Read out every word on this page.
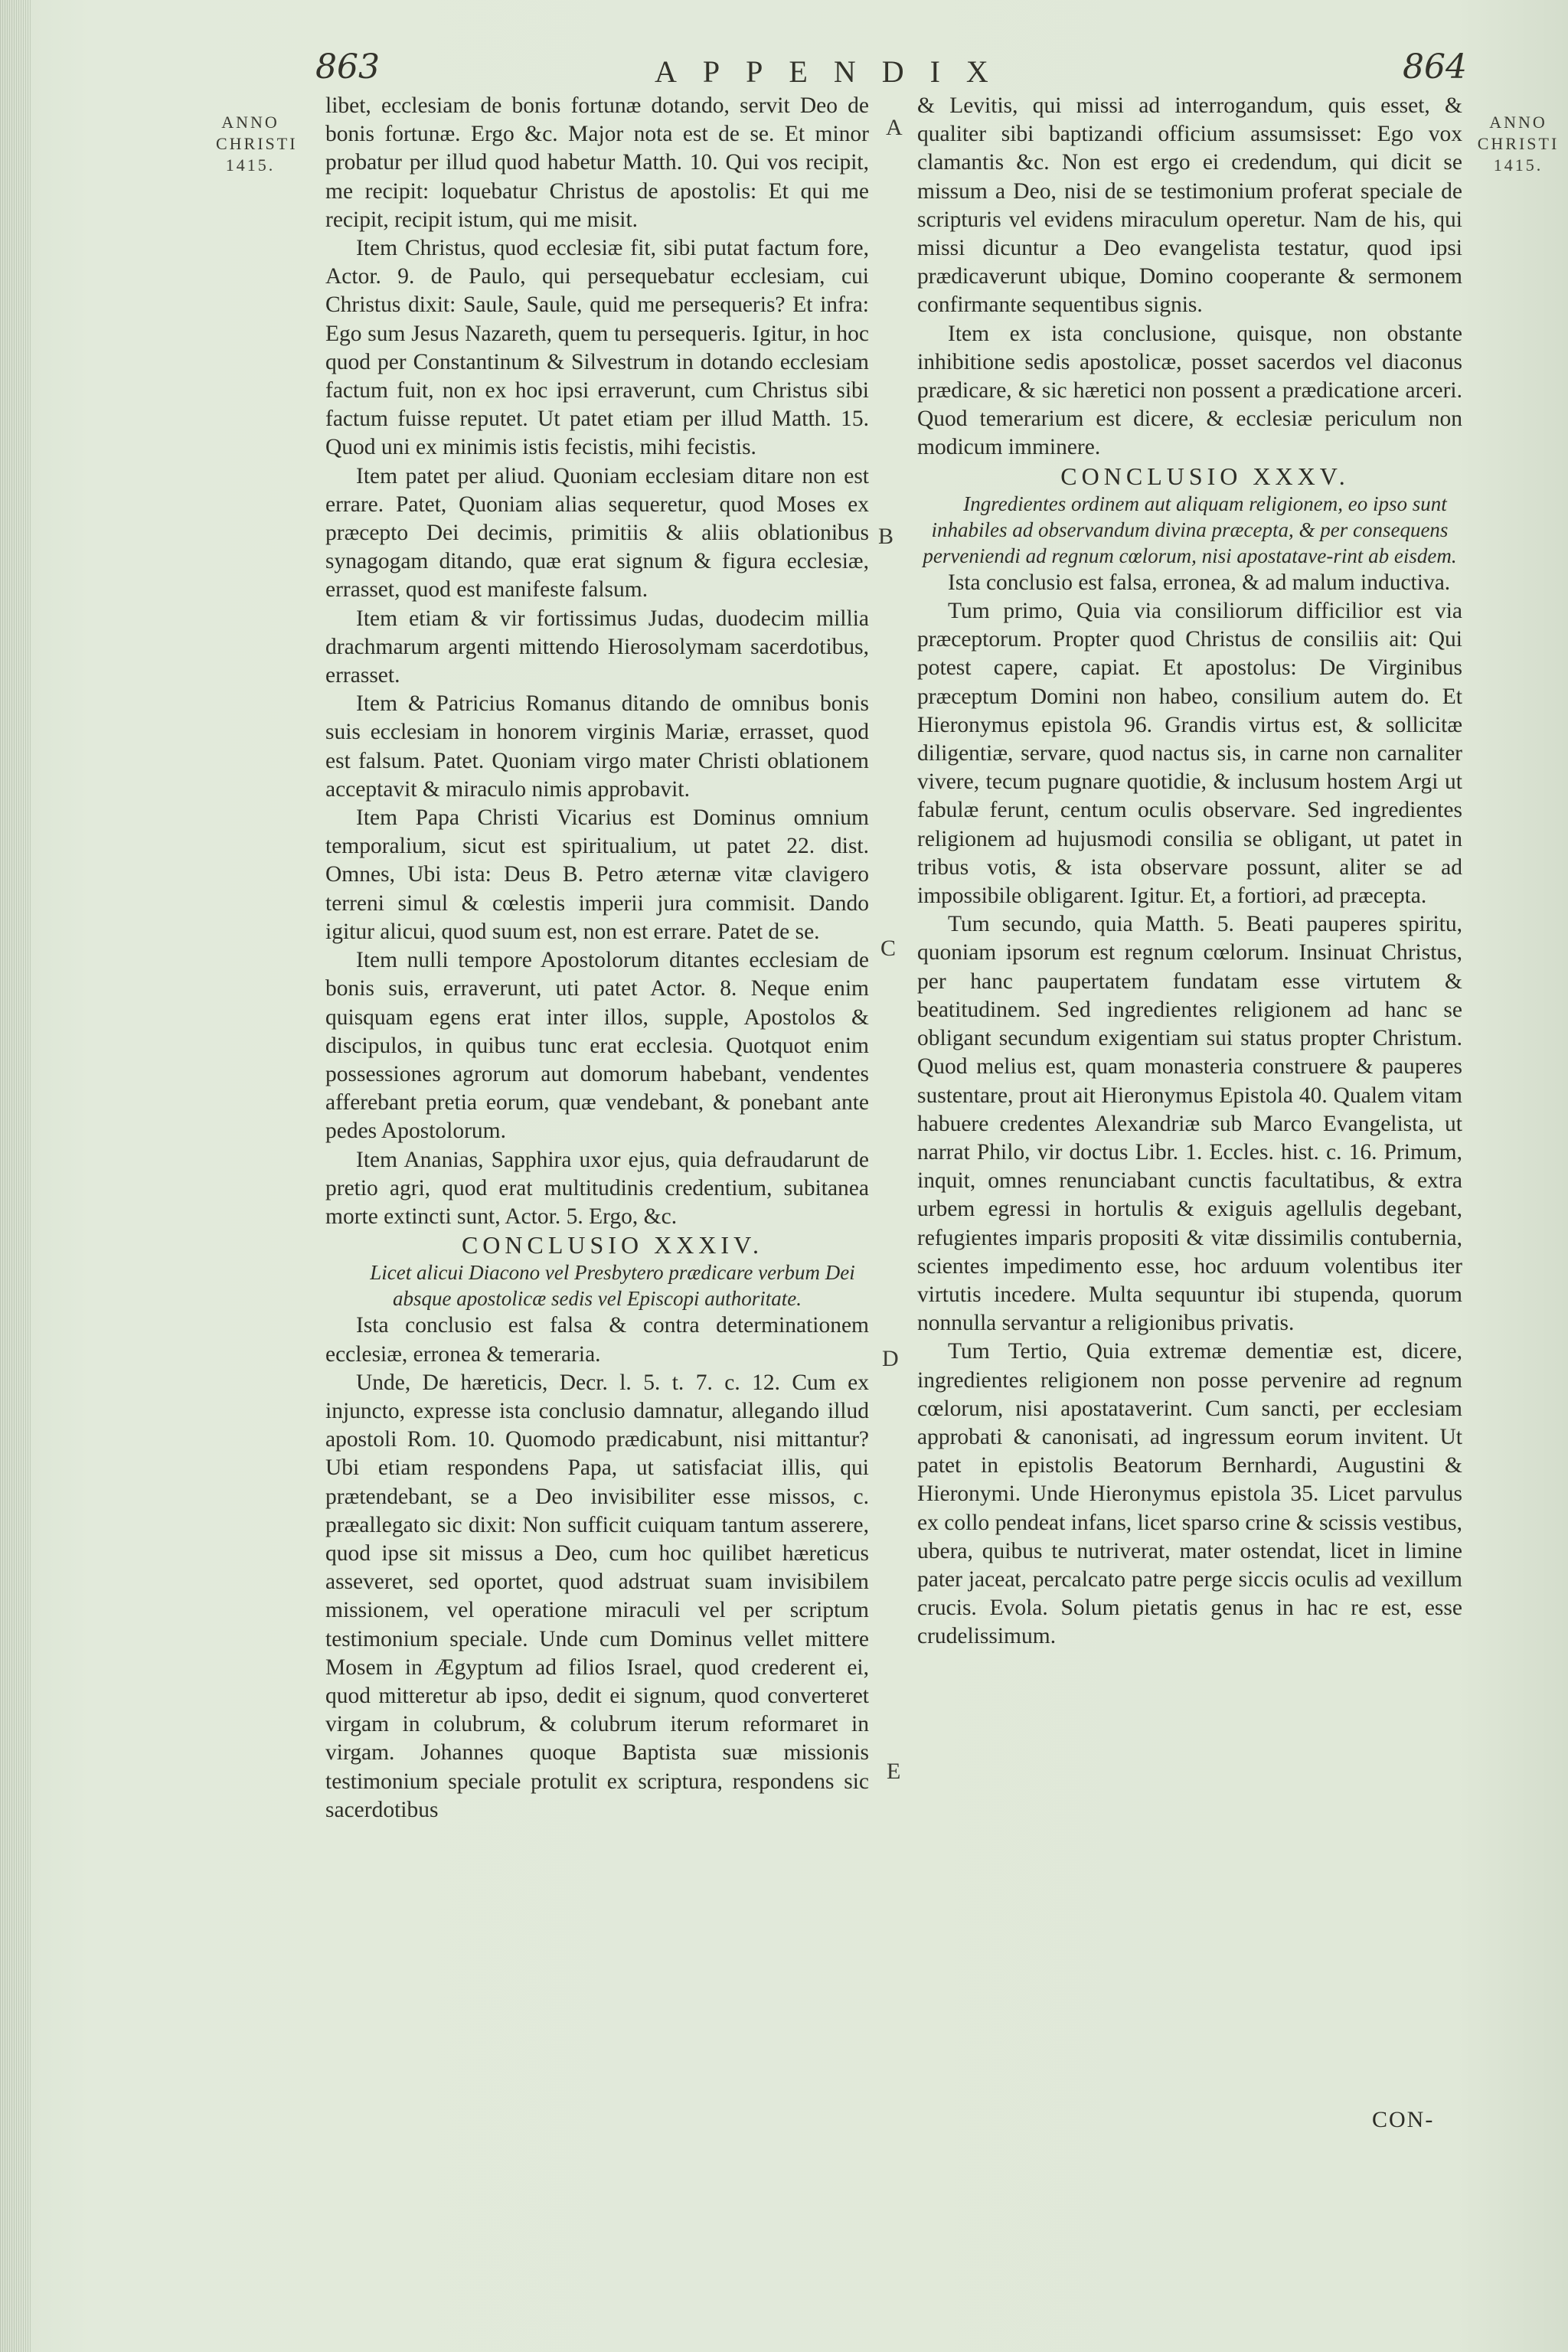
863	APPENDIX	864
ANNO CHRISTI 1415.
ANNO CHRISTI 1415.
A
B
C
D
E

libet, ecclesiam de bonis fortunæ dotando, servit Deo de bonis fortunæ. Ergo &c. Major nota est de se. Et minor probatur per illud quod habetur Matth. 10. Qui vos recipit, me recipit: loquebatur Christus de apostolis: Et qui me recipit, recipit istum, qui me misit.

Item Christus, quod ecclesiæ fit, sibi putat factum fore, Actor. 9. de Paulo, qui persequebatur ecclesiam, cui Christus dixit: Saule, Saule, quid me persequeris? Et infra: Ego sum Jesus Nazareth, quem tu persequeris. Igitur, in hoc quod per Constantinum & Silvestrum in dotando ecclesiam factum fuit, non ex hoc ipsi erraverunt, cum Christus sibi factum fuisse reputet. Ut patet etiam per illud Matth. 15. Quod uni ex minimis istis fecistis, mihi fecistis.

Item patet per aliud. Quoniam ecclesiam ditare non est errare. Patet, Quoniam alias sequeretur, quod Moses ex præcepto Dei decimis, primitiis & aliis oblationibus synagogam ditando, quæ erat signum & figura ecclesiæ, errasset, quod est manifeste falsum.

Item etiam & vir fortissimus Judas, duodecim millia drachmarum argenti mittendo Hierosolymam sacerdotibus, errasset.

Item & Patricius Romanus ditando de omnibus bonis suis ecclesiam in honorem virginis Mariæ, errasset, quod est falsum. Patet. Quoniam virgo mater Christi oblationem acceptavit & miraculo nimis approbavit.

Item Papa Christi Vicarius est Dominus omnium temporalium, sicut est spiritualium, ut patet 22. dist. Omnes, Ubi ista: Deus B. Petro æternæ vitæ clavigero terreni simul & cœlestis imperii jura commisit. Dando igitur alicui, quod suum est, non est errare. Patet de se.

Item nulli tempore Apostolorum ditantes ecclesiam de bonis suis, erraverunt, uti patet Actor. 8. Neque enim quisquam egens erat inter illos, supple, Apostolos & discipulos, in quibus tunc erat ecclesia. Quotquot enim possessiones agrorum aut domorum habebant, vendentes afferebant pretia eorum, quæ vendebant, & ponebant ante pedes Apostolorum.

Item Ananias, Sapphira uxor ejus, quia defraudarunt de pretio agri, quod erat multitudinis credentium, subitanea morte extincti sunt, Actor. 5. Ergo, &c.

CONCLUSIO XXXIV.

Licet alicui Diacono vel Presbytero prædicare verbum Dei absque apostolicæ sedis vel Episcopi authoritate.

Ista conclusio est falsa & contra determinationem ecclesiæ, erronea & temeraria.

Unde, De hæreticis, Decr. l. 5. t. 7. c. 12. Cum ex injuncto, expresse ista conclusio damnatur, allegando illud apostoli Rom. 10. Quomodo prædicabunt, nisi mittantur? Ubi etiam respondens Papa, ut satisfaciat illis, qui prætendebant, se a Deo invisibiliter esse missos, c. præallegato sic dixit: Non sufficit cuiquam tantum asserere, quod ipse sit missus a Deo, cum hoc quilibet hæreticus asseveret, sed oportet, quod adstruat suam invisibilem missionem, vel operatione miraculi vel per scriptum testimonium speciale. Unde cum Dominus vellet mittere Mosem in Ægyptum ad filios Israel, quod crederent ei, quod mitteretur ab ipso, dedit ei signum, quod converteret virgam in colubrum, & colubrum iterum reformaret in virgam. Johannes quoque Baptista suæ missionis testimonium speciale protulit ex scriptura, respondens sic sacerdotibus

& Levitis, qui missi ad interrogandum, quis esset, & qualiter sibi baptizandi officium assumsisset: Ego vox clamantis &c. Non est ergo ei credendum, qui dicit se missum a Deo, nisi de se testimonium proferat speciale de scripturis vel evidens miraculum operetur. Nam de his, qui missi dicuntur a Deo evangelista testatur, quod ipsi prædicaverunt ubique, Domino cooperante & sermonem confirmante sequentibus signis.

Item ex ista conclusione, quisque, non obstante inhibitione sedis apostolicæ, posset sacerdos vel diaconus prædicare, & sic hæretici non possent a prædicatione arceri. Quod temerarium est dicere, & ecclesiæ periculum non modicum imminere.

CONCLUSIO XXXV.

Ingredientes ordinem aut aliquam religionem, eo ipso sunt inhabiles ad observandum divina præcepta, & per consequens perveniendi ad regnum cœlorum, nisi apostatave-rint ab eisdem.

Ista conclusio est falsa, erronea, & ad malum inductiva.

Tum primo, Quia via consiliorum difficilior est via præceptorum. Propter quod Christus de consiliis ait: Qui potest capere, capiat. Et apostolus: De Virginibus præceptum Domini non habeo, consilium autem do. Et Hieronymus epistola 96. Grandis virtus est, & sollicitæ diligentiæ, servare, quod nactus sis, in carne non carnaliter vivere, tecum pugnare quotidie, & inclusum hostem Argi ut fabulæ ferunt, centum oculis observare. Sed ingredientes religionem ad hujusmodi consilia se obligant, ut patet in tribus votis, & ista observare possunt, aliter se ad impossibile obligarent. Igitur. Et, a fortiori, ad præcepta.

Tum secundo, quia Matth. 5. Beati pauperes spiritu, quoniam ipsorum est regnum cœlorum. Insinuat Christus, per hanc paupertatem fundatam esse virtutem & beatitudinem. Sed ingredientes religionem ad hanc se obligant secundum exigentiam sui status propter Christum. Quod melius est, quam monasteria construere & pauperes sustentare, prout ait Hieronymus Epistola 40. Qualem vitam habuere credentes Alexandriæ sub Marco Evangelista, ut narrat Philo, vir doctus Libr. 1. Eccles. hist. c. 16. Primum, inquit, omnes renunciabant cunctis facultatibus, & extra urbem egressi in hortulis & exiguis agellulis degebant, refugientes imparis propositi & vitæ dissimilis contubernia, scientes impedimento esse, hoc arduum volentibus iter virtutis incedere. Multa sequuntur ibi stupenda, quorum nonnulla servantur a religionibus privatis.

Tum Tertio, Quia extremæ dementiæ est, dicere, ingredientes religionem non posse pervenire ad regnum cœlorum, nisi apostataverint. Cum sancti, per ecclesiam approbati & canonisati, ad ingressum eorum invitent. Ut patet in epistolis Beatorum Bernhardi, Augustini & Hieronymi. Unde Hieronymus epistola 35. Licet parvulus ex collo pendeat infans, licet sparso crine & scissis vestibus, ubera, quibus te nutriverat, mater ostendat, licet in limine pater jaceat, percalcato patre perge siccis oculis ad vexillum crucis. Evola. Solum pietatis genus in hac re est, esse crudelissimum.

CON-
